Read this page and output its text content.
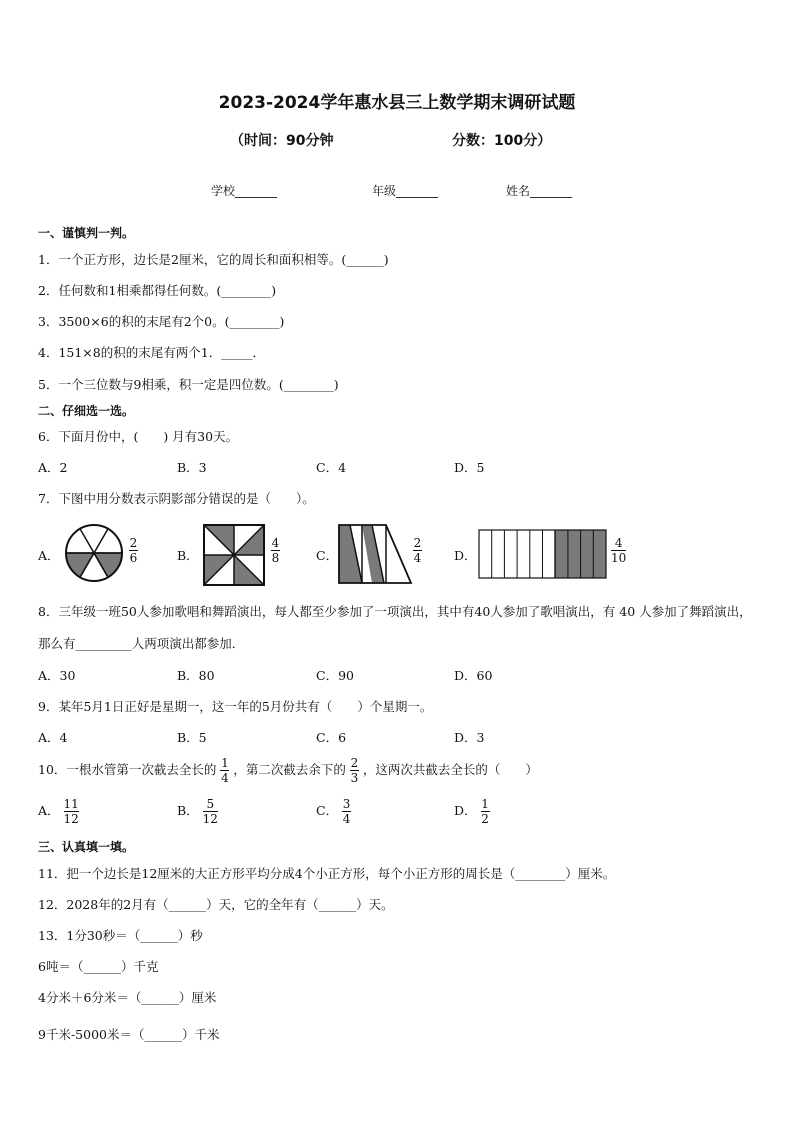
2023-2024学年惠水县三上数学期末调研试题
（时间：90分钟	分数：100分）
学校_______	年级_______	姓名_______
一、谨慎判一判。
1．一个正方形，边长是2厘米，它的周长和面积相等。(______)
2．任何数和1相乘都得任何数。(________)
3．3500×6的积的末尾有2个0。(________)
4．151×8的积的末尾有两个1．_____．
5．一个三位数与9相乘，积一定是四位数。(________)
二、仔细选一选。
6．下面月份中，(　　) 月有30天。
A．2	B．3	C．4	D．5
7．下图中用分数表示阴影部分错误的是（　　）。
A．	$\frac{2}{6}$	B．	$\frac{4}{8}$	C．	$\frac{2}{4}$	D．	$\frac{4}{10}$
8．三年级一班50人参加歌唱和舞蹈演出，每人都至少参加了一项演出，其中有40人参加了歌唱演出，有 40 人参加了舞蹈演出，那么有_________人两项演出都参加．
A．30	B．80	C．90	D．60
9．某年5月1日正好是星期一，这一年的5月份共有（　　）个星期一。
A．4	B．5	C．6	D．3
10．一根水管第一次截去全长的 $\frac{1}{4}$ ，第二次截去余下的 $\frac{2}{3}$ ，这两次共截去全长的（　　）
A． $\frac{11}{12}$	B． $\frac{5}{12}$	C． $\frac{3}{4}$	D． $\frac{1}{2}$
三、认真填一填。
11．把一个边长是12厘米的大正方形平均分成4个小正方形，每个小正方形的周长是（________）厘米。
12．2028年的2月有（______）天，它的全年有（______）天。
13．1分30秒＝（______）秒
6吨＝（______）千克
4分米＋6分米＝（______）厘米
9千米-5000米＝（______）千米
